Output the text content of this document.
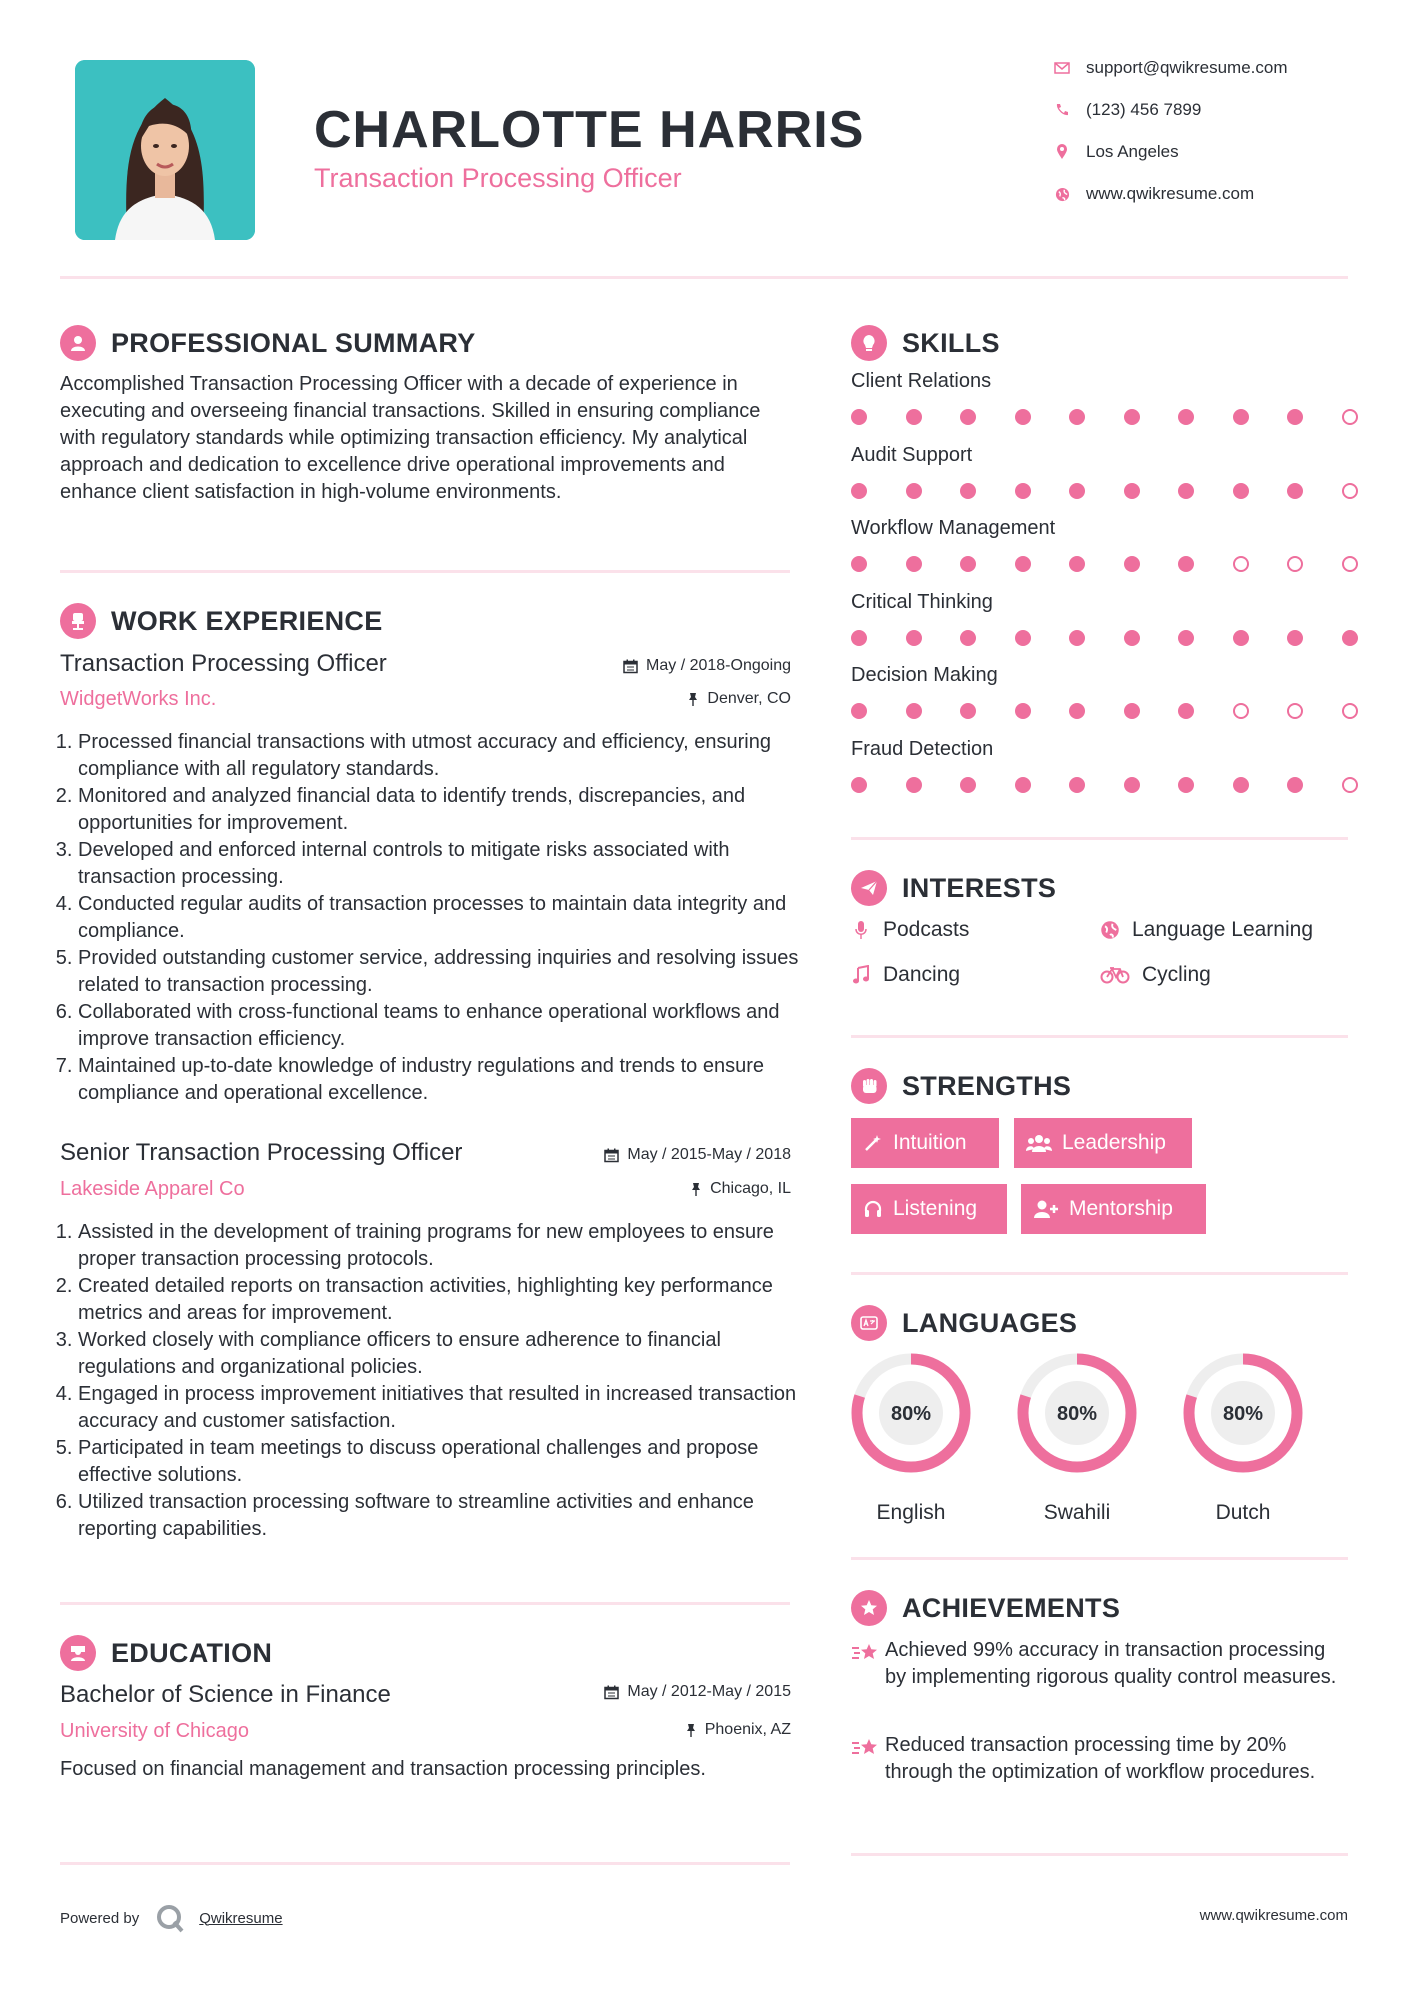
CHARLOTTE HARRIS
Transaction Processing Officer
support@qwikresume.com
(123) 456 7899
Los Angeles
www.qwikresume.com
PROFESSIONAL SUMMARY
Accomplished Transaction Processing Officer with a decade of experience in executing and overseeing financial transactions. Skilled in ensuring compliance with regulatory standards while optimizing transaction efficiency. My analytical approach and dedication to excellence drive operational improvements and enhance client satisfaction in high-volume environments.
WORK EXPERIENCE
Transaction Processing Officer	May / 2018-Ongoing
WidgetWorks Inc.	Denver, CO
1. Processed financial transactions with utmost accuracy and efficiency, ensuring compliance with all regulatory standards.
2. Monitored and analyzed financial data to identify trends, discrepancies, and opportunities for improvement.
3. Developed and enforced internal controls to mitigate risks associated with transaction processing.
4. Conducted regular audits of transaction processes to maintain data integrity and compliance.
5. Provided outstanding customer service, addressing inquiries and resolving issues related to transaction processing.
6. Collaborated with cross-functional teams to enhance operational workflows and improve transaction efficiency.
7. Maintained up-to-date knowledge of industry regulations and trends to ensure compliance and operational excellence.
Senior Transaction Processing Officer	May / 2015-May / 2018
Lakeside Apparel Co	Chicago, IL
1. Assisted in the development of training programs for new employees to ensure proper transaction processing protocols.
2. Created detailed reports on transaction activities, highlighting key performance metrics and areas for improvement.
3. Worked closely with compliance officers to ensure adherence to financial regulations and organizational policies.
4. Engaged in process improvement initiatives that resulted in increased transaction accuracy and customer satisfaction.
5. Participated in team meetings to discuss operational challenges and propose effective solutions.
6. Utilized transaction processing software to streamline activities and enhance reporting capabilities.
EDUCATION
Bachelor of Science in Finance	May / 2012-May / 2015
University of Chicago	Phoenix, AZ
Focused on financial management and transaction processing principles.
SKILLS
Client Relations
Audit Support
Workflow Management
Critical Thinking
Decision Making
Fraud Detection
INTERESTS
Podcasts	Language Learning
Dancing	Cycling
STRENGTHS
Intuition	Leadership
Listening	Mentorship
LANGUAGES
80%
English
80%
Swahili
80%
Dutch
ACHIEVEMENTS
Achieved 99% accuracy in transaction processing by implementing rigorous quality control measures.
Reduced transaction processing time by 20% through the optimization of workflow procedures.
Powered by	Qwikresume	www.qwikresume.com
